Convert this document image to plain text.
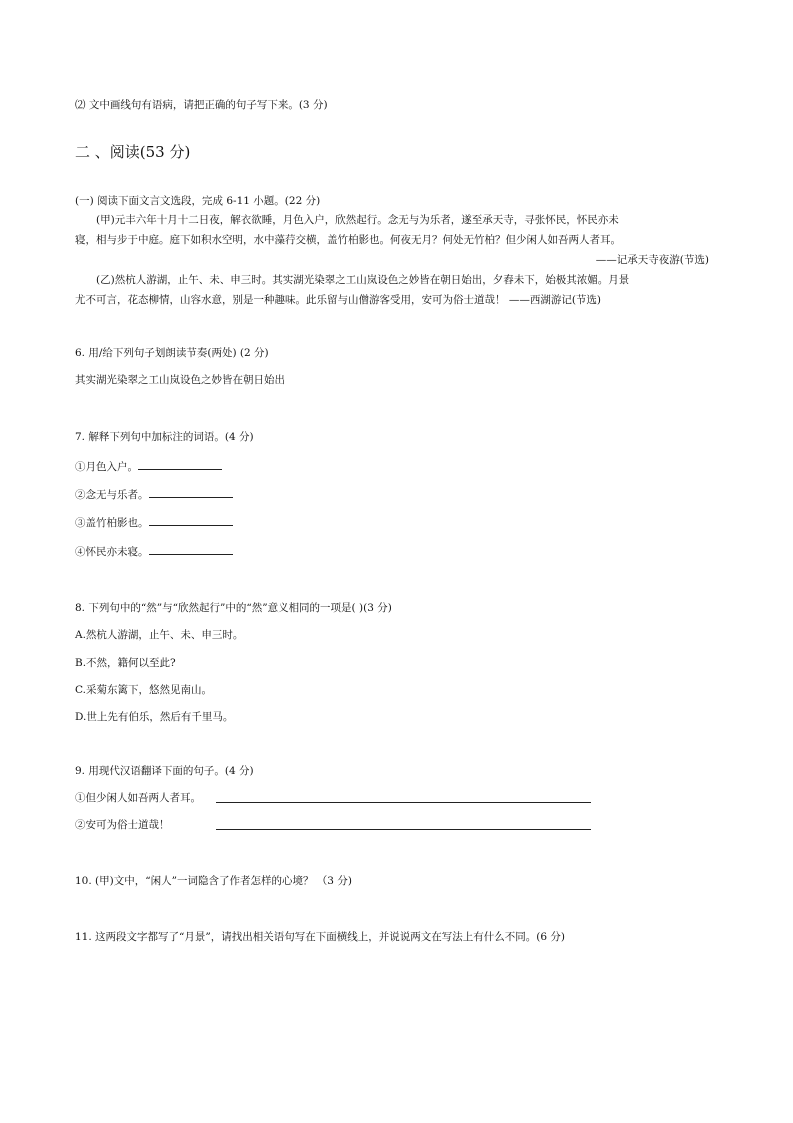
⑵ 文中画线句有语病，请把正确的句子写下来。(3 分)
二 、阅读(53 分)
(一) 阅读下面文言文选段，完成 6-11 小题。(22 分)
(甲)元丰六年十月十二日夜，解衣欲睡，月色入户，欣然起行。念无与为乐者，遂至承天寺，寻张怀民，怀民亦未
寝，相与步于中庭。庭下如积水空明，水中藻荇交横，盖竹柏影也。何夜无月？何处无竹柏？但少闲人如吾两人者耳。
——记承天寺夜游(节选)
(乙)然杭人游湖，止午、未、申三时。其实湖光染翠之工山岚设色之妙皆在朝日始出，夕舂未下，始极其浓媚。月景
尤不可言，花态柳情，山容水意，别是一种趣味。此乐留与山僧游客受用，安可为俗士道哉！ ——西湖游记(节选)
6. 用/给下列句子划朗读节奏(两处) (2 分)
其实湖光染翠之工山岚设色之妙皆在朝日始出
7. 解释下列句中加标注的词语。(4 分)
①月色入户。
②念无与乐者。
③盖竹柏影也。
④怀民亦未寝。
8. 下列句中的“然”与“欣然起行”中的“然”意义相同的一项是( )(3 分)
A.然杭人游湖，止午、未、申三时。
B.不然，籍何以至此?
C.采菊东篱下，悠然见南山。
D.世上先有伯乐，然后有千里马。
9. 用现代汉语翻译下面的句子。(4 分)
①但少闲人如吾两人者耳。
②安可为俗士道哉！
10. (甲)文中，“闲人”一词隐含了作者怎样的心境？ （3 分)
11. 这两段文字都写了“月景”，请找出相关语句写在下面横线上，并说说两文在写法上有什么不同。(6 分)
